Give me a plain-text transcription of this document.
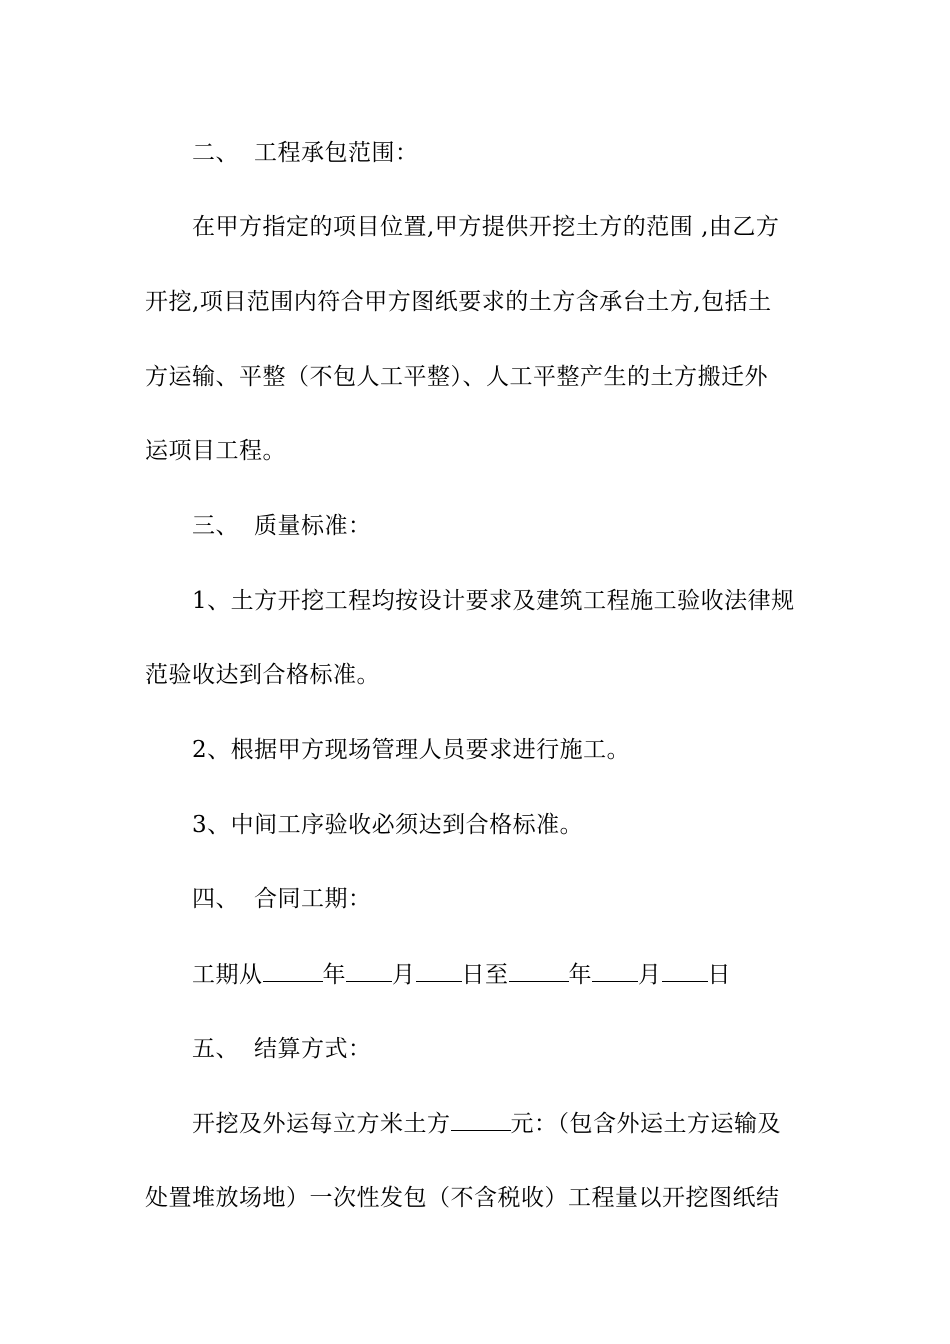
二、 工程承包范围：
在甲方指定的项目位置,甲方提供开挖土方的范围 ,由乙方
开挖,项目范围内符合甲方图纸要求的土方含承台土方,包括土
方运输、平整（不包人工平整）、人工平整产生的土方搬迁外
运项目工程。
三、 质量标准：
1、土方开挖工程均按设计要求及建筑工程施工验收法律规
范验收达到合格标准。
2、根据甲方现场管理人员要求进行施工。
3、中间工序验收必须达到合格标准。
四、 合同工期：
工期从	年 月 日至	年 月 日
五、 结算方式：
开挖及外运每立方米土方	元：（包含外运土方运输及
处置堆放场地）一次性发包（不含税收）工程量以开挖图纸结
